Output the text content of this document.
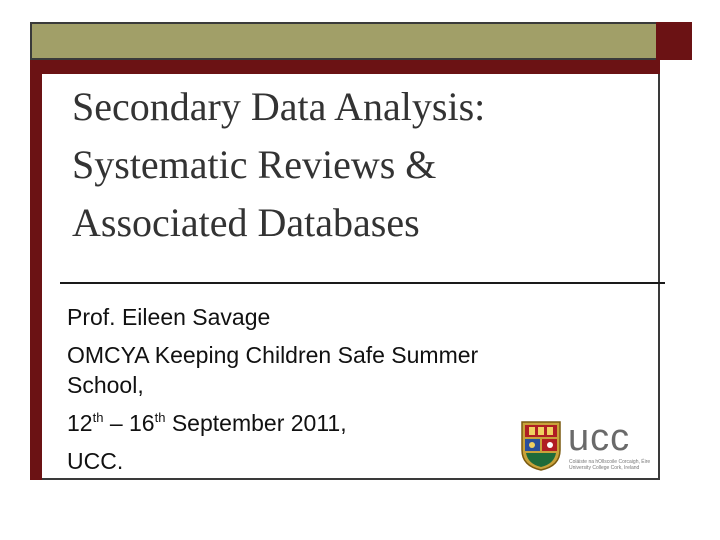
Secondary Data Analysis:
Systematic Reviews &
Associated Databases
Prof. Eileen Savage
OMCYA Keeping Children Safe Summer
School,
12th – 16th September 2011,
UCC.
ucc
Coláiste na hOllscoile Corcaigh, Éire
University College Cork, Ireland
